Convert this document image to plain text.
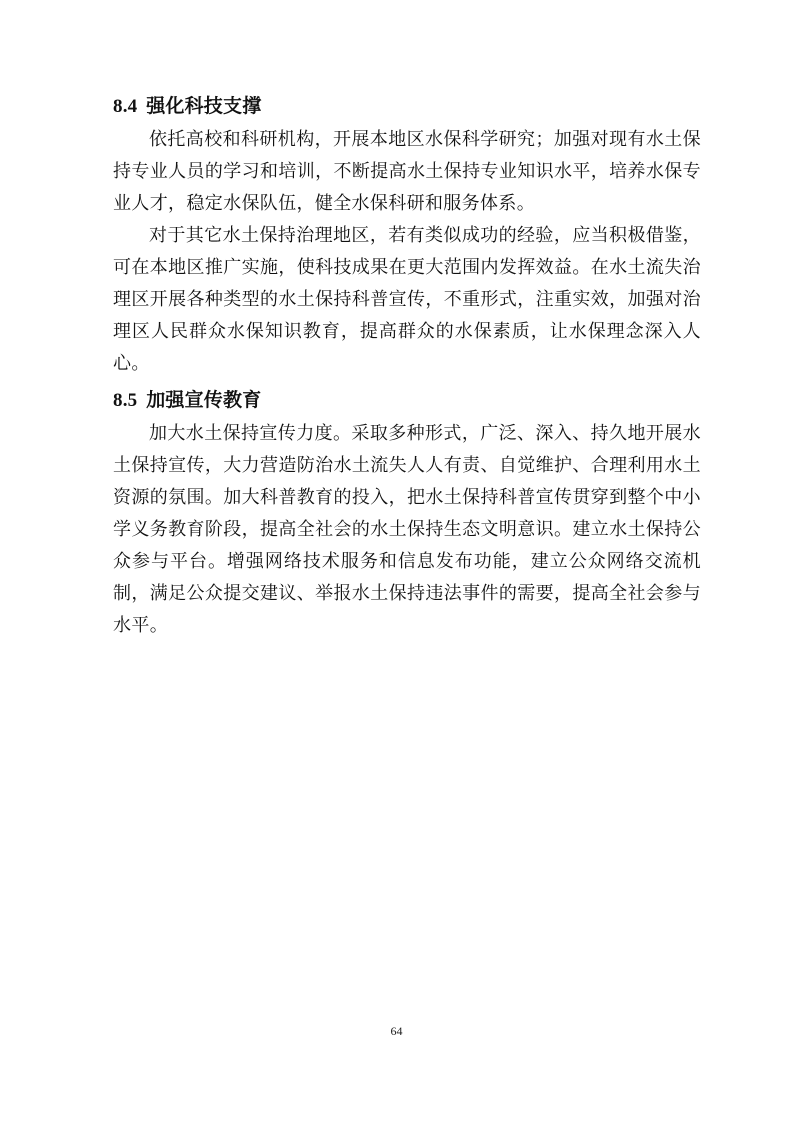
8.4 强化科技支撑

依托高校和科研机构，开展本地区水保科学研究；加强对现有水土保持专业人员的学习和培训，不断提高水土保持专业知识水平，培养水保专业人才，稳定水保队伍，健全水保科研和服务体系。

对于其它水土保持治理地区，若有类似成功的经验，应当积极借鉴，可在本地区推广实施，使科技成果在更大范围内发挥效益。在水土流失治理区开展各种类型的水土保持科普宣传，不重形式，注重实效，加强对治理区人民群众水保知识教育，提高群众的水保素质，让水保理念深入人心。

8.5 加强宣传教育

加大水土保持宣传力度。采取多种形式，广泛、深入、持久地开展水土保持宣传，大力营造防治水土流失人人有责、自觉维护、合理利用水土资源的氛围。加大科普教育的投入，把水土保持科普宣传贯穿到整个中小学义务教育阶段，提高全社会的水土保持生态文明意识。建立水土保持公众参与平台。增强网络技术服务和信息发布功能，建立公众网络交流机制，满足公众提交建议、举报水土保持违法事件的需要，提高全社会参与水平。

64
